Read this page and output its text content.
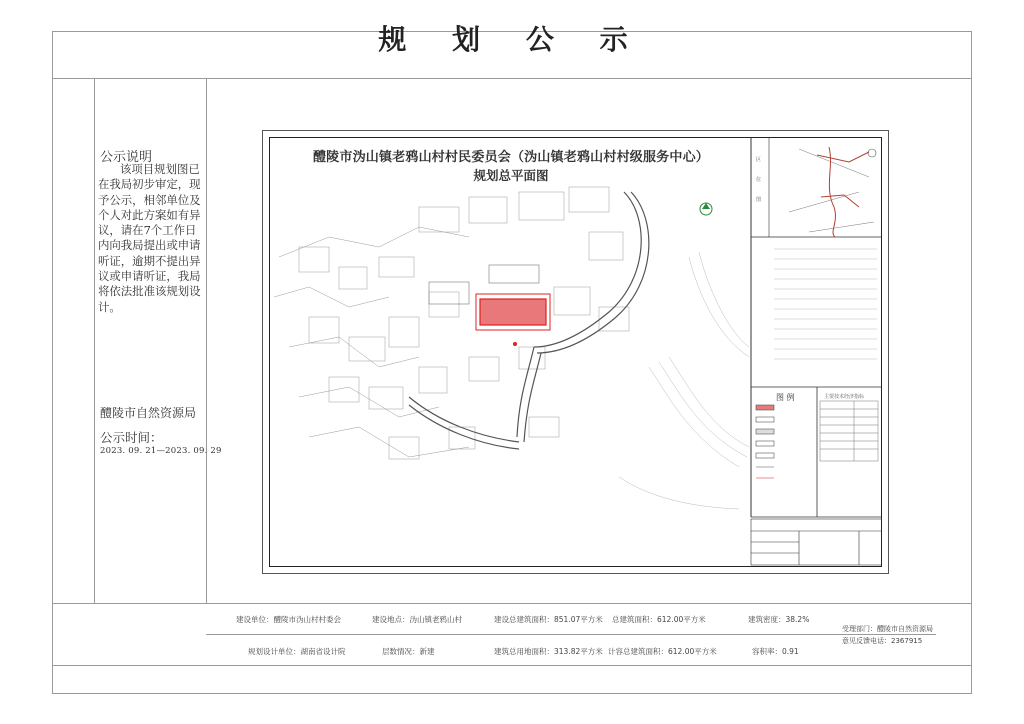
规 划 公 示
公示说明
该项目规划图已在我局初步审定，现予公示，相邻单位及个人对此方案如有异议，请在7个工作日内向我局提出或申请听证，逾期不提出异议或申请听证，我局将依法批准该规划设计。
醴陵市自然资源局
公示时间：
2023. 09. 21—2023. 09. 29
醴陵市沩山镇老鸦山村村民委员会（沩山镇老鸦山村村级服务中心）
规划总平面图
区位图
图 例	主要技术经济指标
建设单位：醴陵市沩山村村委会	建设地点：沩山镇老鸦山村	建设总建筑面积：851.07平方米 总建筑面积：612.00平方米	建筑密度：38.2%
规划设计单位：湖南省设计院	层数情况：新建	建筑总用地面积：313.82平方米 计容总建筑面积：612.00平方米	容积率：0.91
受理部门：醴陵市自然资源局
意见反馈电话：2367915
